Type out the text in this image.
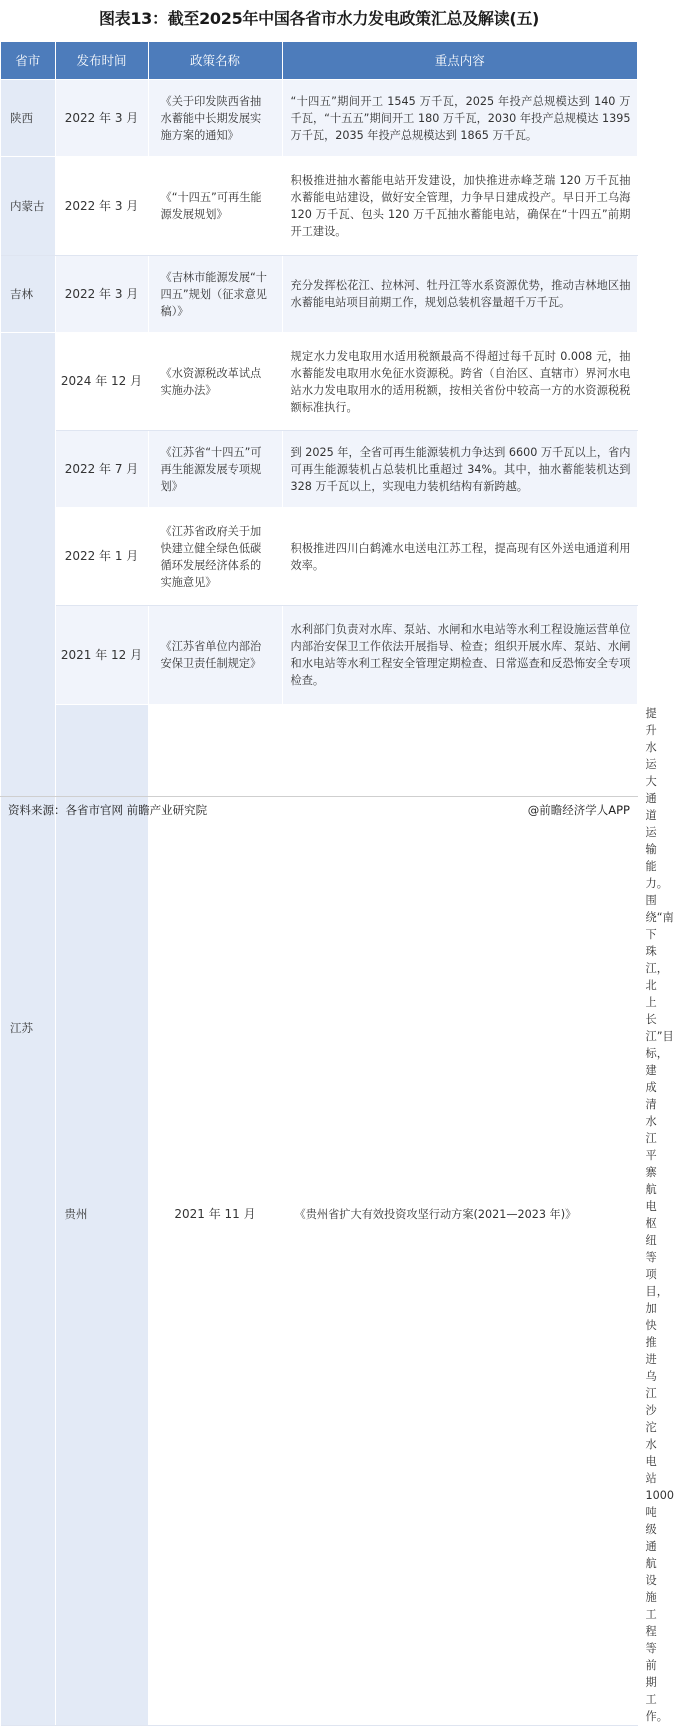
图表13：截至2025年中国各省市水力发电政策汇总及解读(五)
省市	发布时间	政策名称	重点内容	
陕西	2022 年 3 月	《关于印发陕西省抽水蓄能中长期发展实施方案的通知》	“十四五”期间开工 1545 万千瓦，2025 年投产总规模达到 140 万千瓦，“十五五”期间开工 180 万千瓦，2030 年投产总规模达 1395 万千瓦，2035 年投产总规模达到 1865 万千瓦。	
内蒙古	2022 年 3 月	《“十四五”可再生能源发展规划》	积极推进抽水蓄能电站开发建设，加快推进赤峰芝瑞 120 万千瓦抽水蓄能电站建设，做好安全管理，力争早日建成投产。早日开工乌海 120 万千瓦、包头 120 万千瓦抽水蓄能电站，确保在“十四五”前期开工建设。	
吉林	2022 年 3 月	《吉林市能源发展“十四五”规划（征求意见稿）》	充分发挥松花江、拉林河、牡丹江等水系资源优势，推动吉林地区抽水蓄能电站项目前期工作，规划总装机容量超千万千瓦。	
江苏	2024 年 12 月	《水资源税改革试点实施办法》	规定水力发电取用水适用税额最高不得超过每千瓦时 0.008 元，抽水蓄能发电取用水免征水资源税。跨省（自治区、直辖市）界河水电站水力发电取用水的适用税额，按相关省份中较高一方的水资源税税额标准执行。	
	2022 年 7 月	《江苏省“十四五”可再生能源发展专项规划》	到 2025 年，全省可再生能源装机力争达到 6600 万千瓦以上，省内可再生能源装机占总装机比重超过 34%。其中，抽水蓄能装机达到 328 万千瓦以上，实现电力装机结构有新跨越。	
	2022 年 1 月	《江苏省政府关于加快建立健全绿色低碳循环发展经济体系的实施意见》	积极推进四川白鹤滩水电送电江苏工程，提高现有区外送电通道利用效率。	
	2021 年 12 月	《江苏省单位内部治安保卫责任制规定》	水利部门负责对水库、泵站、水闸和水电站等水利工程设施运营单位内部治安保卫工作依法开展指导、检查；组织开展水库、泵站、水闸和水电站等水利工程安全管理定期检查、日常巡查和反恐怖安全专项检查。	
	贵州	2021 年 11 月	《贵州省扩大有效投资攻坚行动方案(2021—2023 年)》	提升水运大通道运输能力。围绕“南下珠江，北上长江”目标，建成清水江平寨航电枢纽等项目，加快推进乌江沙沱水电站 1000 吨级通航设施工程等前期工作。
资料来源：各省市官网 前瞻产业研究院	@前瞻经济学人APP
